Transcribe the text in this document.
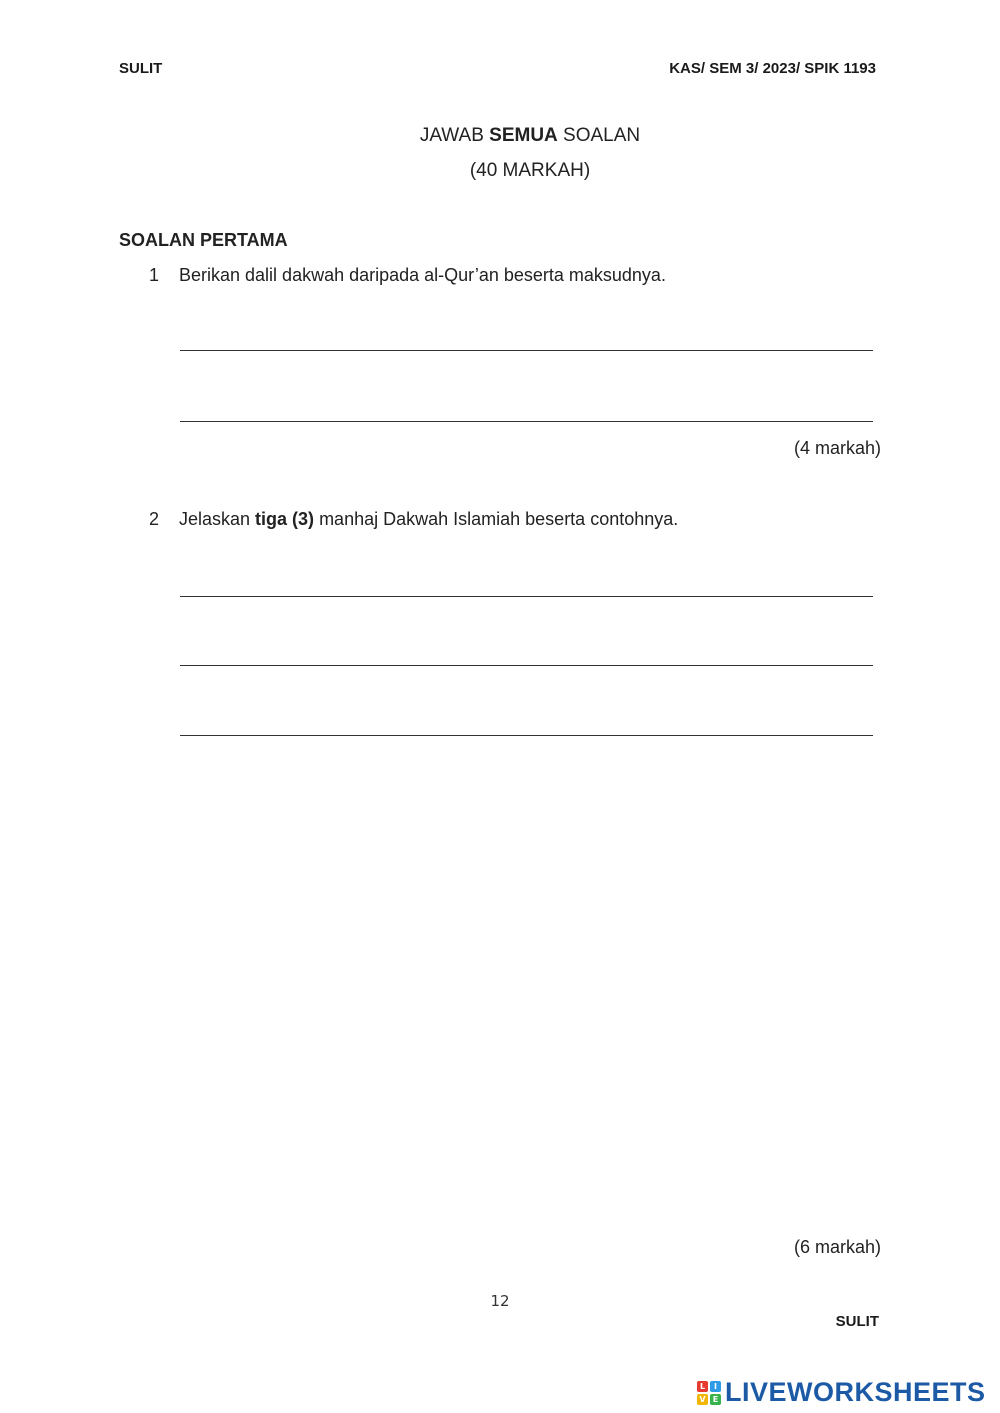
SULIT	KAS/ SEM 3/ 2023/ SPIK 1193
JAWAB SEMUA SOALAN
(40 MARKAH)
SOALAN PERTAMA
1 Berikan dalil dakwah daripada al-Qur’an beserta maksudnya.
(4 markah)
2 Jelaskan tiga (3) manhaj Dakwah Islamiah beserta contohnya.
(6 markah)
12
SULIT
L	I
V E LIVEWORKSHEETS
